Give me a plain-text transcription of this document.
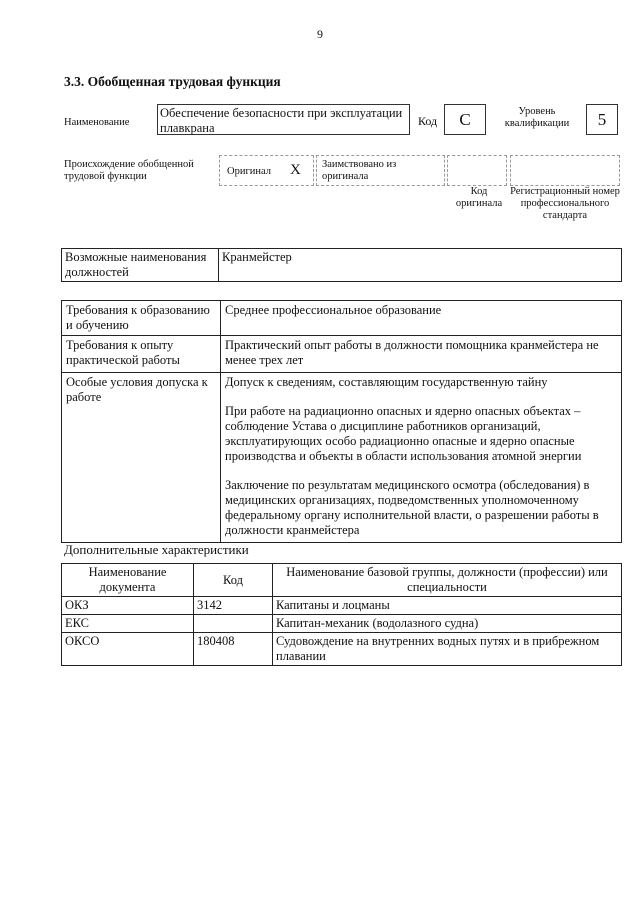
9
3.3. Обобщенная трудовая функция
Наименование
Обеспечение безопасности при эксплуатации плавкрана	Код	C	Уровень квалификации	5
Происхождение обобщенной трудовой функции	Оригинал X Заимствовано из оригинала
Код оригинала
Регистрационный номер профессионального стандарта
Возможные наименования должностей	Кранмейстер
Требования к образованию и обучению	Среднее профессиональное образование

Требования к опыту практической работы	Практический опыт работы в должности помощника кранмейстера не менее трех лет

Особые условия допуска к работе	Допуск к сведениям, составляющим государственную тайну
При работе на радиационно опасных и ядерно опасных объектах – соблюдение Устава о дисциплине работников организаций, эксплуатирующих особо радиационно опасные и ядерно опасные производства и объекты в области использования атомной энергии
Заключение по результатам медицинского осмотра (обследования) в медицинских организациях, подведомственных уполномоченному федеральному органу исполнительной власти, о разрешении работы в должности кранмейстера
Дополнительные характеристики
Наименование документа	Код	Наименование базовой группы, должности (профессии) или специальности
ОКЗ	3142	Капитаны и лоцманы
ЕКС		Капитан-механик (водолазного судна)
ОКСО	180408	Судовождение на внутренних водных путях и в прибрежном плавании
